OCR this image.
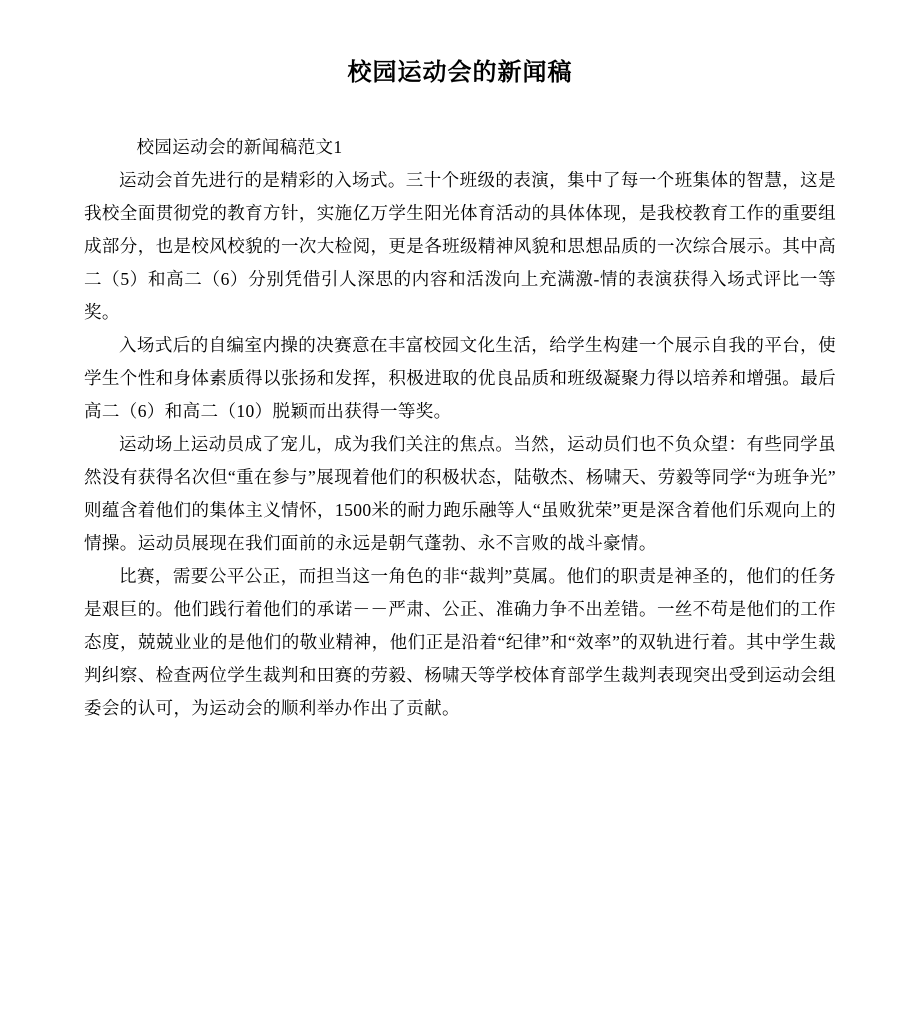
校园运动会的新闻稿

校园运动会的新闻稿范文1

运动会首先进行的是精彩的入场式。三十个班级的表演，集中了每一个班集体的智慧，这是我校全面贯彻党的教育方针，实施亿万学生阳光体育活动的具体体现，是我校教育工作的重要组成部分，也是校风校貌的一次大检阅，更是各班级精神风貌和思想品质的一次综合展示。其中高二（5）和高二（6）分别凭借引人深思的内容和活泼向上充满激-情的表演获得入场式评比一等奖。

入场式后的自编室内操的决赛意在丰富校园文化生活，给学生构建一个展示自我的平台，使学生个性和身体素质得以张扬和发挥，积极进取的优良品质和班级凝聚力得以培养和增强。最后高二（6）和高二（10）脱颖而出获得一等奖。

运动场上运动员成了宠儿，成为我们关注的焦点。当然，运动员们也不负众望：有些同学虽然没有获得名次但“重在参与”展现着他们的积极状态，陆敬杰、杨啸天、劳毅等同学“为班争光”则蕴含着他们的集体主义情怀，1500米的耐力跑乐融等人“虽败犹荣”更是深含着他们乐观向上的情操。运动员展现在我们面前的永远是朝气蓬勃、永不言败的战斗豪情。

比赛，需要公平公正，而担当这一角色的非“裁判”莫属。他们的职责是神圣的，他们的任务是艰巨的。他们践行着他们的承诺－－严肃、公正、准确力争不出差错。一丝不苟是他们的工作态度，兢兢业业的是他们的敬业精神，他们正是沿着“纪律”和“效率”的双轨进行着。其中学生裁判纠察、检查两位学生裁判和田赛的劳毅、杨啸天等学校体育部学生裁判表现突出受到运动会组委会的认可，为运动会的顺利举办作出了贡献。
